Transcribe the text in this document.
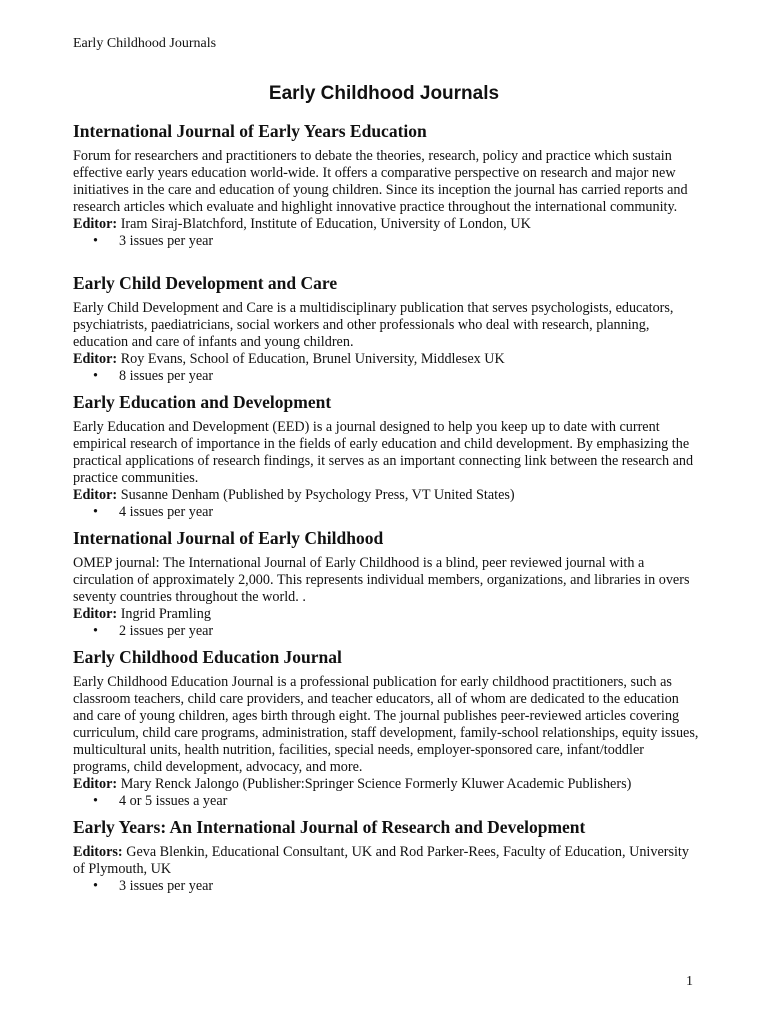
Early Childhood Journals
Early Childhood Journals
International Journal of Early Years Education

Forum for researchers and practitioners to debate the theories, research, policy and practice which sustain effective early years education world-wide. It offers a comparative perspective on research and major new initiatives in the care and education of young children. Since its inception the journal has carried reports and research articles which evaluate and highlight innovative practice throughout the international community.

Editor: Iram Siraj-Blatchford, Institute of Education, University of London, UK
• 3 issues per year
Early Child Development and Care

Early Child Development and Care is a multidisciplinary publication that serves psychologists, educators, psychiatrists, paediatricians, social workers and other professionals who deal with research, planning, education and care of infants and young children.

Editor: Roy Evans, School of Education, Brunel University, Middlesex UK
• 8 issues per year
Early Education and Development

Early Education and Development (EED) is a journal designed to help you keep up to date with current empirical research of importance in the fields of early education and child development. By emphasizing the practical applications of research findings, it serves as an important connecting link between the research and practice communities.

Editor: Susanne Denham (Published by Psychology Press, VT United States)
• 4 issues per year
International Journal of Early Childhood

OMEP journal: The International Journal of Early Childhood is a blind, peer reviewed journal with a circulation of approximately 2,000. This represents individual members, organizations, and libraries in overs seventy countries throughout the world. .

Editor: Ingrid Pramling
• 2 issues per year
Early Childhood Education Journal

Early Childhood Education Journal is a professional publication for early childhood practitioners, such as classroom teachers, child care providers, and teacher educators, all of whom are dedicated to the education and care of young children, ages birth through eight. The journal publishes peer-reviewed articles covering curriculum, child care programs, administration, staff development, family-school relationships, equity issues, multicultural units, health nutrition, facilities, special needs, employer-sponsored care, infant/toddler programs, child development, advocacy, and more.

Editor: Mary Renck Jalongo (Publisher:Springer Science Formerly Kluwer Academic Publishers)
• 4 or 5 issues a year
Early Years: An International Journal of Research and Development
Editors: Geva Blenkin, Educational Consultant, UK and Rod Parker-Rees, Faculty of Education, University of Plymouth, UK
• 3 issues per year
1
